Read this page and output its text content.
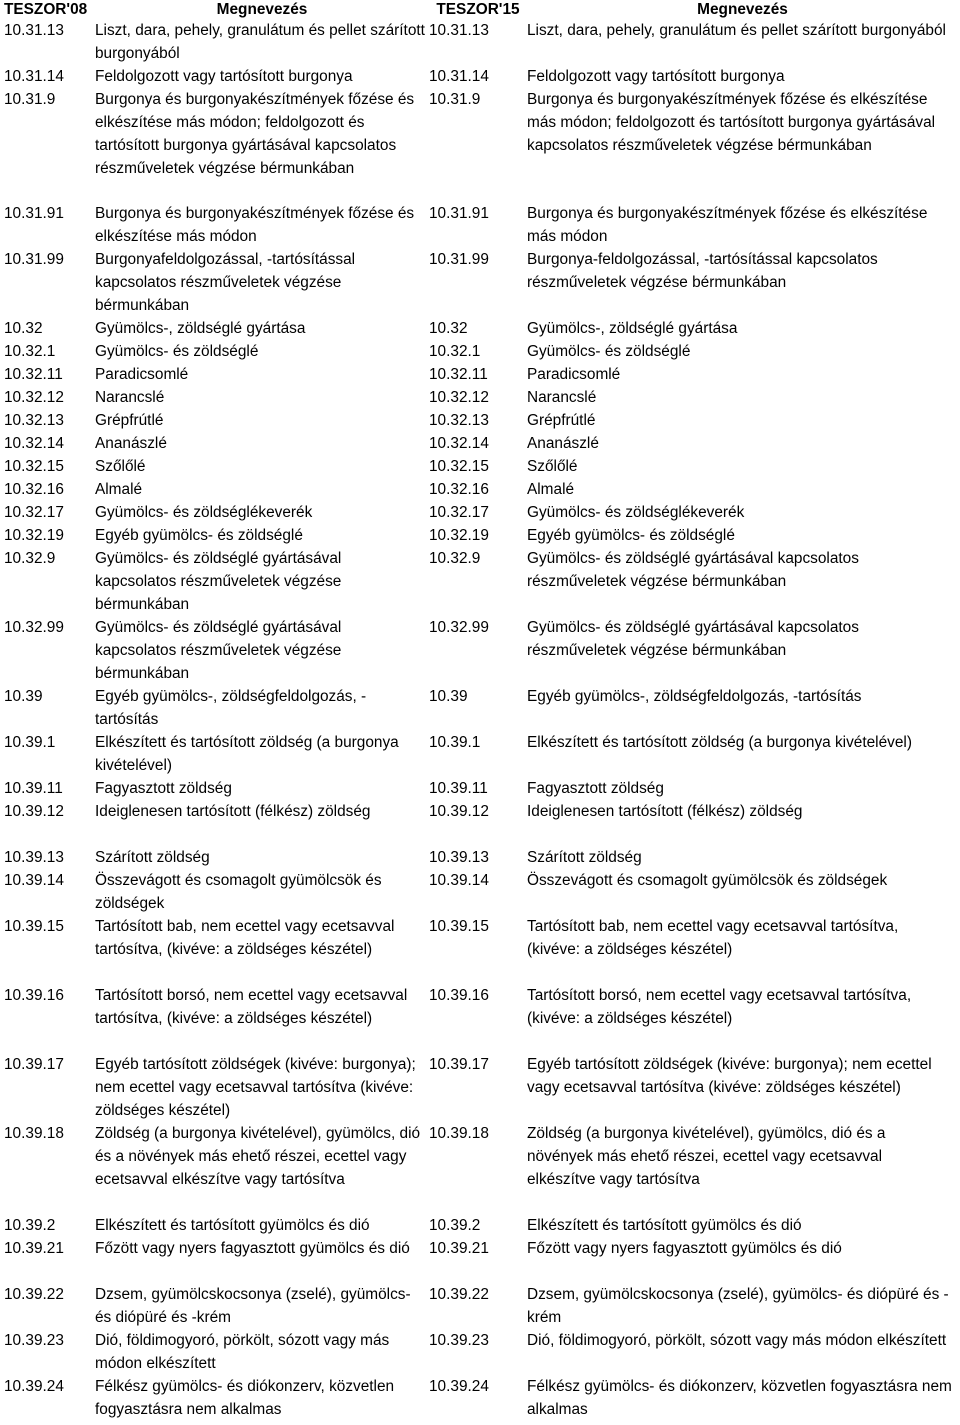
TESZOR'08	Megnevezés	TESZOR'15	Megnevezés
10.31.13	Liszt, dara, pehely, granulátum és pellet szárított burgonyából	10.31.13	Liszt, dara, pehely, granulátum és pellet szárított burgonyából
10.31.14	Feldolgozott vagy tartósított burgonya	10.31.14	Feldolgozott vagy tartósított burgonya
10.31.9	Burgonya és burgonyakészítmények főzése és elkészítése más módon; feldolgozott és tartósított burgonya gyártásával kapcsolatos részműveletek végzése bérmunkában	10.31.9	Burgonya és burgonyakészítmények főzése és elkészítése más módon; feldolgozott és tartósított burgonya gyártásával kapcsolatos részműveletek végzése bérmunkában
10.31.91	Burgonya és burgonyakészítmények főzése és elkészítése más módon	10.31.91	Burgonya és burgonyakészítmények főzése és elkészítése más módon
10.31.99	Burgonyafeldolgozással, -tartósítással kapcsolatos részműveletek végzése bérmunkában	10.31.99	Burgonya-feldolgozással, -tartósítással kapcsolatos részműveletek végzése bérmunkában
10.32	Gyümölcs-, zöldséglé gyártása	10.32	Gyümölcs-, zöldséglé gyártása
10.32.1	Gyümölcs- és zöldséglé	10.32.1	Gyümölcs- és zöldséglé
10.32.11	Paradicsomlé	10.32.11	Paradicsomlé
10.32.12	Narancslé	10.32.12	Narancslé
10.32.13	Grépfrútlé	10.32.13	Grépfrútlé
10.32.14	Ananászlé	10.32.14	Ananászlé
10.32.15	Szőlőlé	10.32.15	Szőlőlé
10.32.16	Almalé	10.32.16	Almalé
10.32.17	Gyümölcs- és zöldséglékeverék	10.32.17	Gyümölcs- és zöldséglékeverék
10.32.19	Egyéb gyümölcs- és zöldséglé	10.32.19	Egyéb gyümölcs- és zöldséglé
10.32.9	Gyümölcs- és zöldséglé gyártásával kapcsolatos részműveletek végzése bérmunkában	10.32.9	Gyümölcs- és zöldséglé gyártásával kapcsolatos részműveletek végzése bérmunkában
10.32.99	Gyümölcs- és zöldséglé gyártásával kapcsolatos részműveletek végzése bérmunkában	10.32.99	Gyümölcs- és zöldséglé gyártásával kapcsolatos részműveletek végzése bérmunkában
10.39	Egyéb gyümölcs-, zöldségfeldolgozás, -tartósítás	10.39	Egyéb gyümölcs-, zöldségfeldolgozás, -tartósítás
10.39.1	Elkészített és tartósított zöldség (a burgonya kivételével)	10.39.1	Elkészített és tartósított zöldség (a burgonya kivételével)
10.39.11	Fagyasztott zöldség	10.39.11	Fagyasztott zöldség
10.39.12	Ideiglenesen tartósított (félkész) zöldség	10.39.12	Ideiglenesen tartósított (félkész) zöldség
10.39.13	Szárított zöldség	10.39.13	Szárított zöldség
10.39.14	Összevágott és csomagolt gyümölcsök és zöldségek	10.39.14	Összevágott és csomagolt gyümölcsök és zöldségek
10.39.15	Tartósított bab, nem ecettel vagy ecetsavval tartósítva, (kivéve: a zöldséges készétel)	10.39.15	Tartósított bab, nem ecettel vagy ecetsavval tartósítva, (kivéve: a zöldséges készétel)
10.39.16	Tartósított borsó, nem ecettel vagy ecetsavval tartósítva, (kivéve: a zöldséges készétel)	10.39.16	Tartósított borsó, nem ecettel vagy ecetsavval tartósítva, (kivéve: a zöldséges készétel)
10.39.17	Egyéb tartósított zöldségek (kivéve: burgonya); nem ecettel vagy ecetsavval tartósítva (kivéve: zöldséges készétel)	10.39.17	Egyéb tartósított zöldségek (kivéve: burgonya); nem ecettel vagy ecetsavval tartósítva (kivéve: zöldséges készétel)
10.39.18	Zöldség (a burgonya kivételével), gyümölcs, dió és a növények más ehető részei, ecettel vagy ecetsavval elkészítve vagy tartósítva	10.39.18	Zöldség (a burgonya kivételével), gyümölcs, dió és a növények más ehető részei, ecettel vagy ecetsavval elkészítve vagy tartósítva
10.39.2	Elkészített és tartósított gyümölcs és dió	10.39.2	Elkészített és tartósított gyümölcs és dió
10.39.21	Főzött vagy nyers fagyasztott gyümölcs és dió	10.39.21	Főzött vagy nyers fagyasztott gyümölcs és dió
10.39.22	Dzsem, gyümölcskocsonya (zselé), gyümölcs- és diópüré és -krém	10.39.22	Dzsem, gyümölcskocsonya (zselé), gyümölcs- és diópüré és -krém
10.39.23	Dió, földimogyoró, pörkölt, sózott vagy más módon elkészített	10.39.23	Dió, földimogyoró, pörkölt, sózott vagy más módon elkészített
10.39.24	Félkész gyümölcs- és diókonzerv, közvetlen fogyasztásra nem alkalmas	10.39.24	Félkész gyümölcs- és diókonzerv, közvetlen fogyasztásra nem alkalmas
